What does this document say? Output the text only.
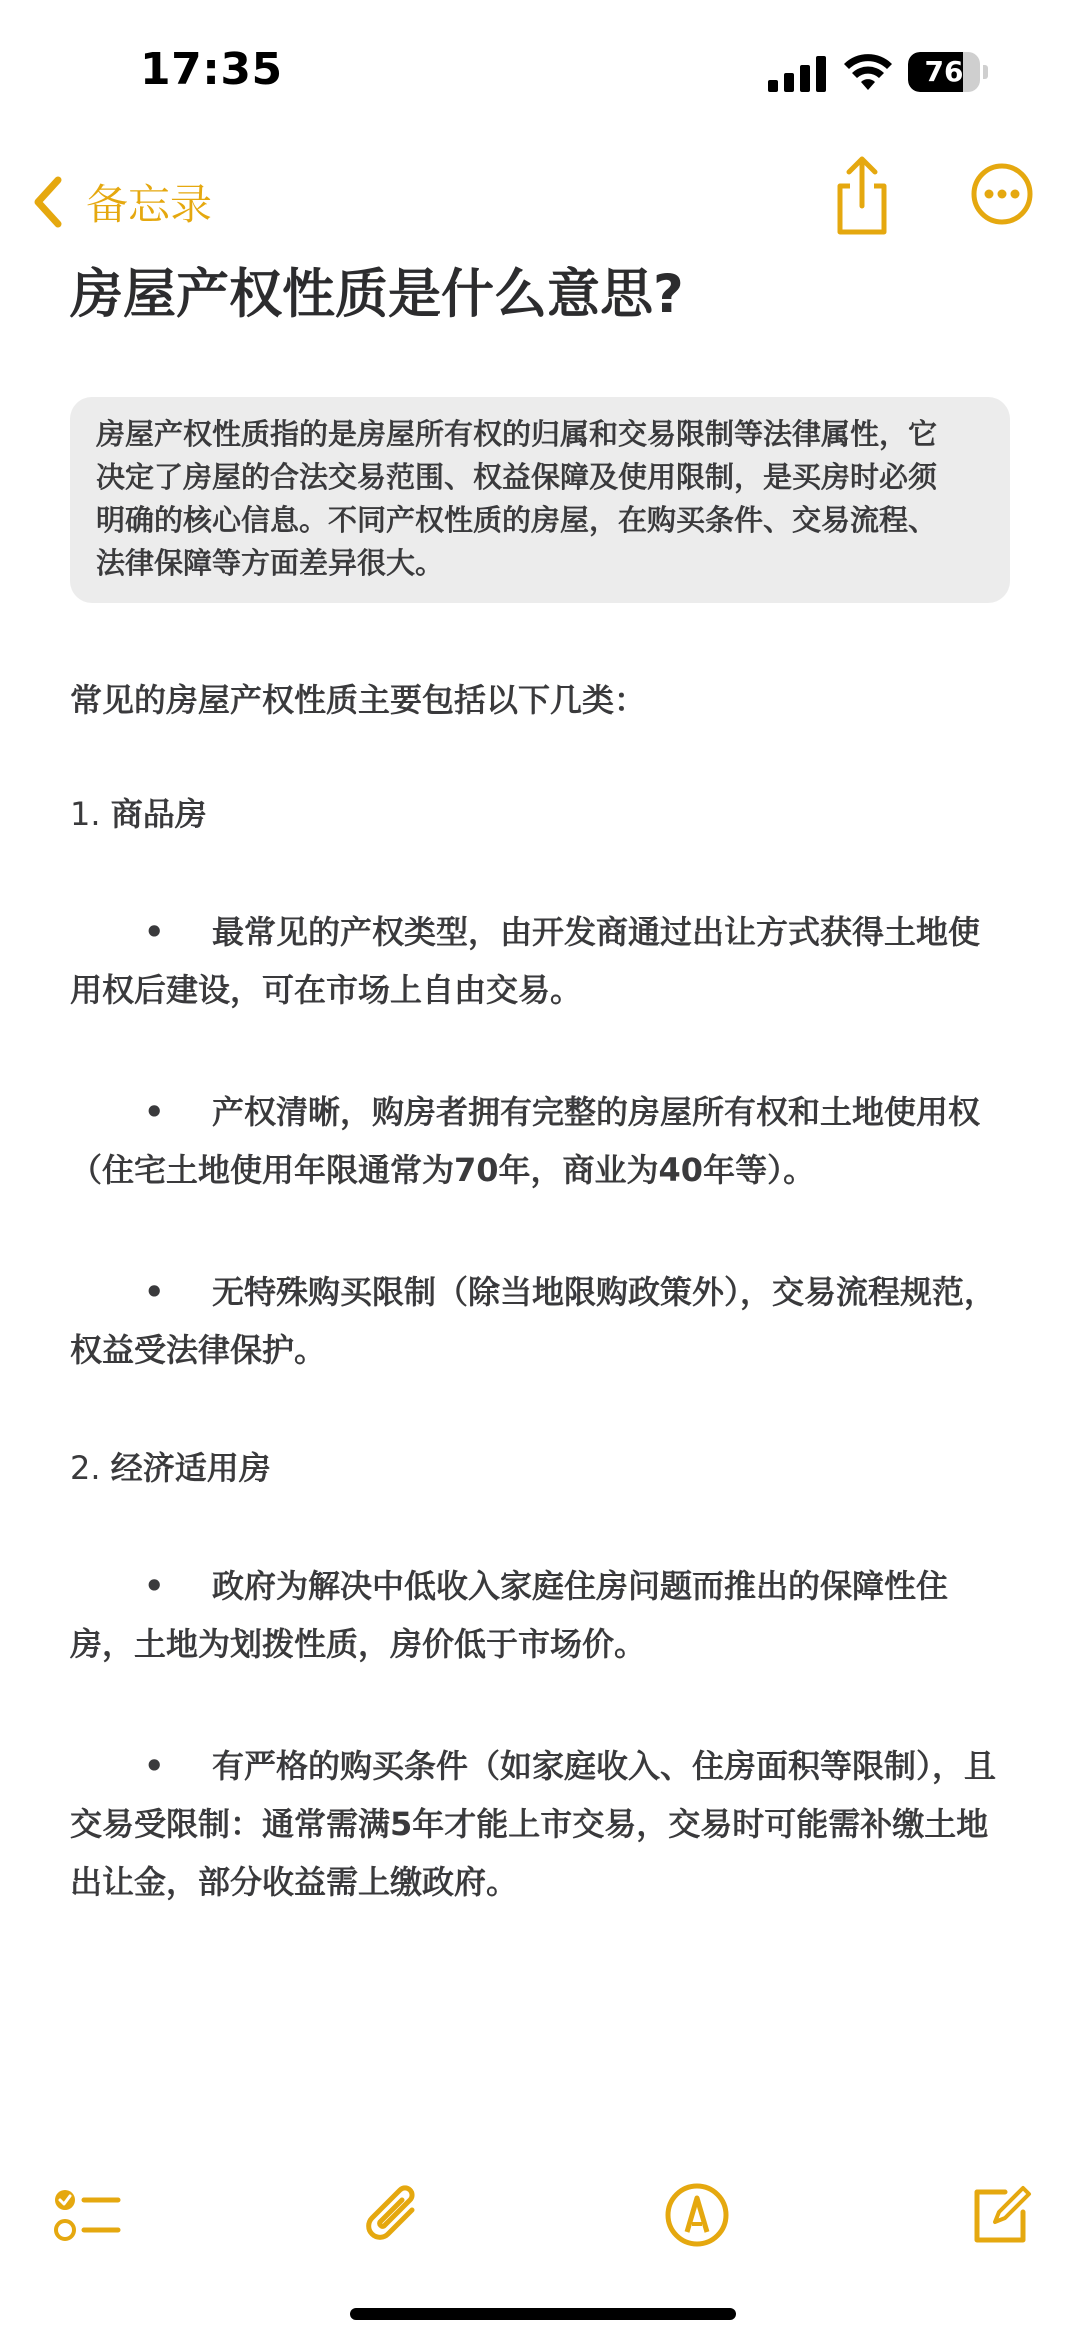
17:35	76
备忘录
房屋产权性质是什么意思?
房屋产权性质指的是房屋所有权的归属和交易限制等法律属性，它
决定了房屋的合法交易范围、权益保障及使用限制，是买房时必须
明确的核心信息。不同产权性质的房屋，在购买条件、交易流程、
法律保障等方面差异很大。
常见的房屋产权性质主要包括以下几类：
1. 商品房
• 最常见的产权类型，由开发商通过出让方式获得土地使用权后建设，可在市场上自由交易。
• 产权清晰，购房者拥有完整的房屋所有权和土地使用权（住宅土地使用年限通常为70年，商业为40年等）。
• 无特殊购买限制（除当地限购政策外），交易流程规范，权益受法律保护。
2. 经济适用房
• 政府为解决中低收入家庭住房问题而推出的保障性住房，土地为划拨性质，房价低于市场价。
• 有严格的购买条件（如家庭收入、住房面积等限制），且交易受限制：通常需满5年才能上市交易，交易时可能需补缴土地出让金，部分收益需上缴政府。
